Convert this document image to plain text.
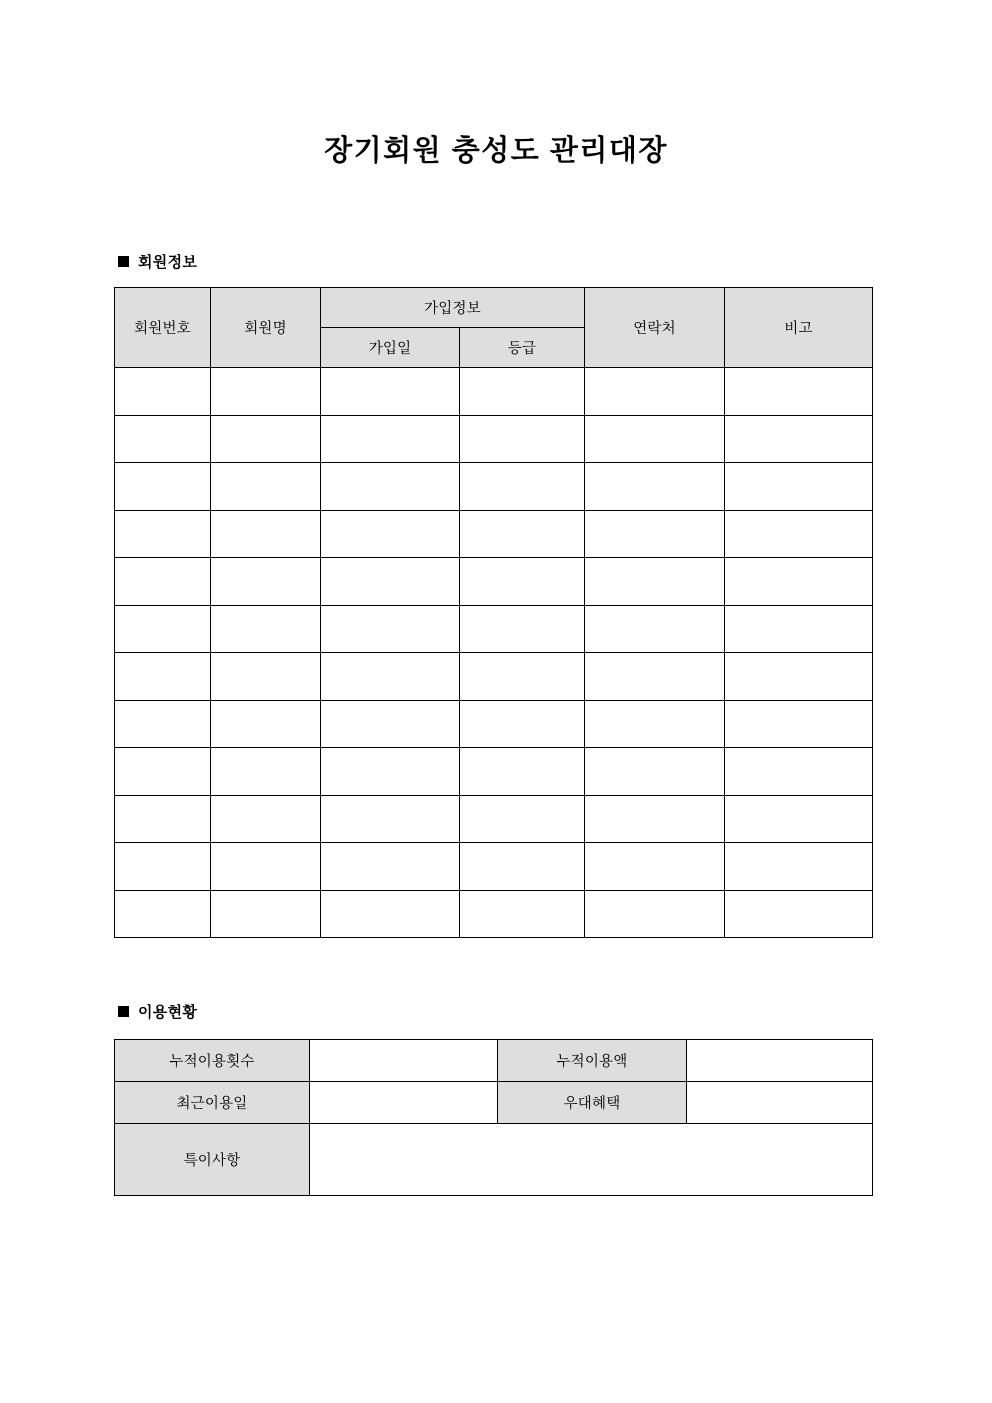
장기회원 충성도 관리대장
회원정보
회원번호	회원명	가입정보		연락처	비고
		가입일	등급		

이용현황
누적이용횟수		누적이용액	
최근이용일		우대혜택	
특이사항			
